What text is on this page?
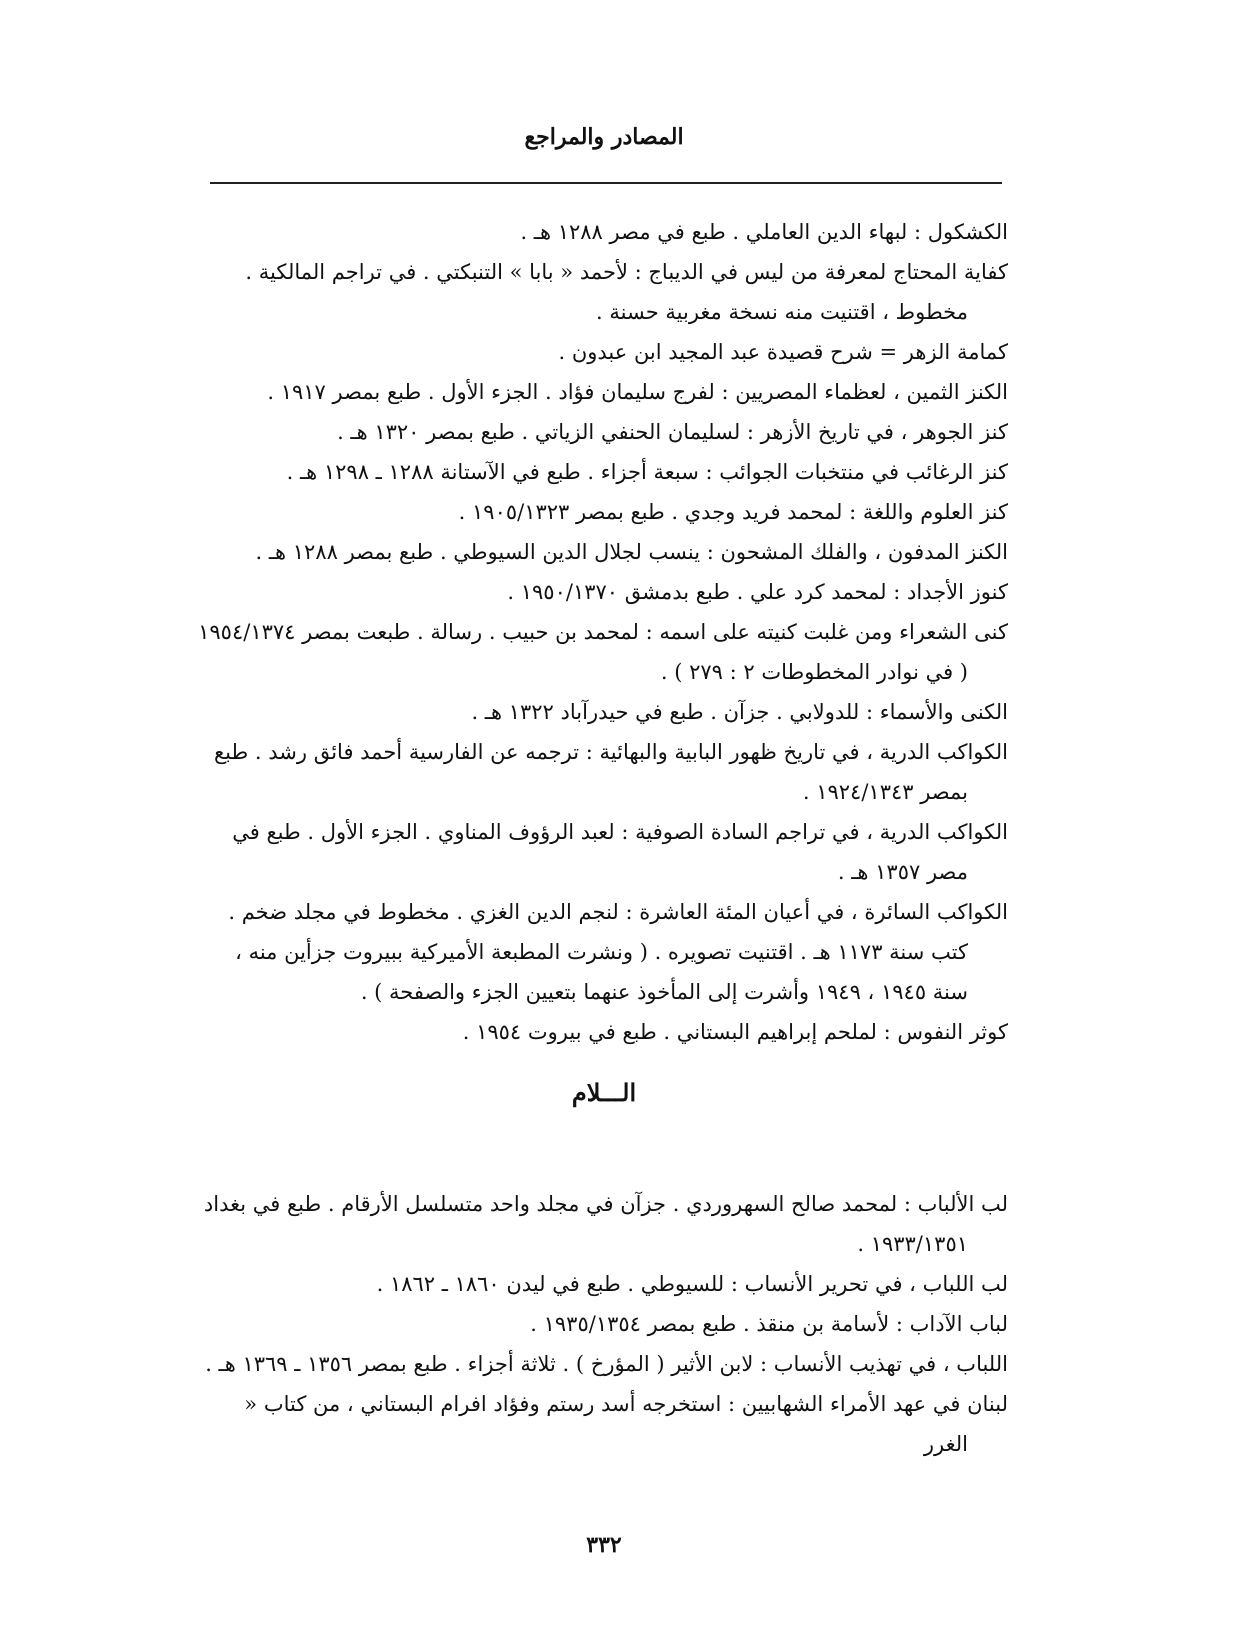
المصادر والمراجع

الكشكول : لبهاء الدين العاملي . طبع في مصر ١٢٨٨ هـ .

كفاية المحتاج لمعرفة من ليس في الديباج : لأحمد « بابا » التنبكتي . في تراجم المالكية . مخطوط ، اقتنيت منه نسخة مغربية حسنة .

كمامة الزهر = شرح قصيدة عبد المجيد ابن عبدون .

الكنز الثمين ، لعظماء المصريين : لفرج سليمان فؤاد . الجزء الأول . طبع بمصر ١٩١٧ .

كنز الجوهر ، في تاريخ الأزهر : لسليمان الحنفي الزياتي . طبع بمصر ١٣٢٠ هـ .

كنز الرغائب في منتخبات الجوائب : سبعة أجزاء . طبع في الآستانة ١٢٨٨ ـ ١٢٩٨ هـ .

كنز العلوم واللغة : لمحمد فريد وجدي . طبع بمصر ١٩٠٥/١٣٢٣ .

الكنز المدفون ، والفلك المشحون : ينسب لجلال الدين السيوطي . طبع بمصر ١٢٨٨ هـ .

كنوز الأجداد : لمحمد كرد علي . طبع بدمشق ١٩٥٠/١٣٧٠ .

كنى الشعراء ومن غلبت كنيته على اسمه : لمحمد بن حبيب . رسالة . طبعت بمصر ١٩٥٤/١٣٧٤ ( في نوادر المخطوطات ٢ : ٢٧٩ ) .

الكنى والأسماء : للدولابي . جزآن . طبع في حيدرآباد ١٣٢٢ هـ .

الكواكب الدرية ، في تاريخ ظهور البابية والبهائية : ترجمه عن الفارسية أحمد فائق رشد . طبع بمصر ١٩٢٤/١٣٤٣ .

الكواكب الدرية ، في تراجم السادة الصوفية : لعبد الرؤوف المناوي . الجزء الأول . طبع في مصر ١٣٥٧ هـ .

الكواكب السائرة ، في أعيان المئة العاشرة : لنجم الدين الغزي . مخطوط في مجلد ضخم . كتب سنة ١١٧٣ هـ . اقتنيت تصويره . ( ونشرت المطبعة الأميركية ببيروت جزأين منه ، سنة ١٩٤٥ ، ١٩٤٩ وأشرت إلى المأخوذ عنهما بتعيين الجزء والصفحة ) .

كوثر النفوس : لملحم إبراهيم البستاني . طبع في بيروت ١٩٥٤ .

الـــلام

لب الألباب : لمحمد صالح السهروردي . جزآن في مجلد واحد متسلسل الأرقام . طبع في بغداد ١٩٣٣/١٣٥١ .

لب اللباب ، في تحرير الأنساب : للسيوطي . طبع في ليدن ١٨٦٠ ـ ١٨٦٢ .

لباب الآداب : لأسامة بن منقذ . طبع بمصر ١٩٣٥/١٣٥٤ .

اللباب ، في تهذيب الأنساب : لابن الأثير ( المؤرخ ) . ثلاثة أجزاء . طبع بمصر ١٣٥٦ ـ ١٣٦٩ هـ .

لبنان في عهد الأمراء الشهابيين : استخرجه أسد رستم وفؤاد افرام البستاني ، من كتاب « الغرر

٣٣٢
